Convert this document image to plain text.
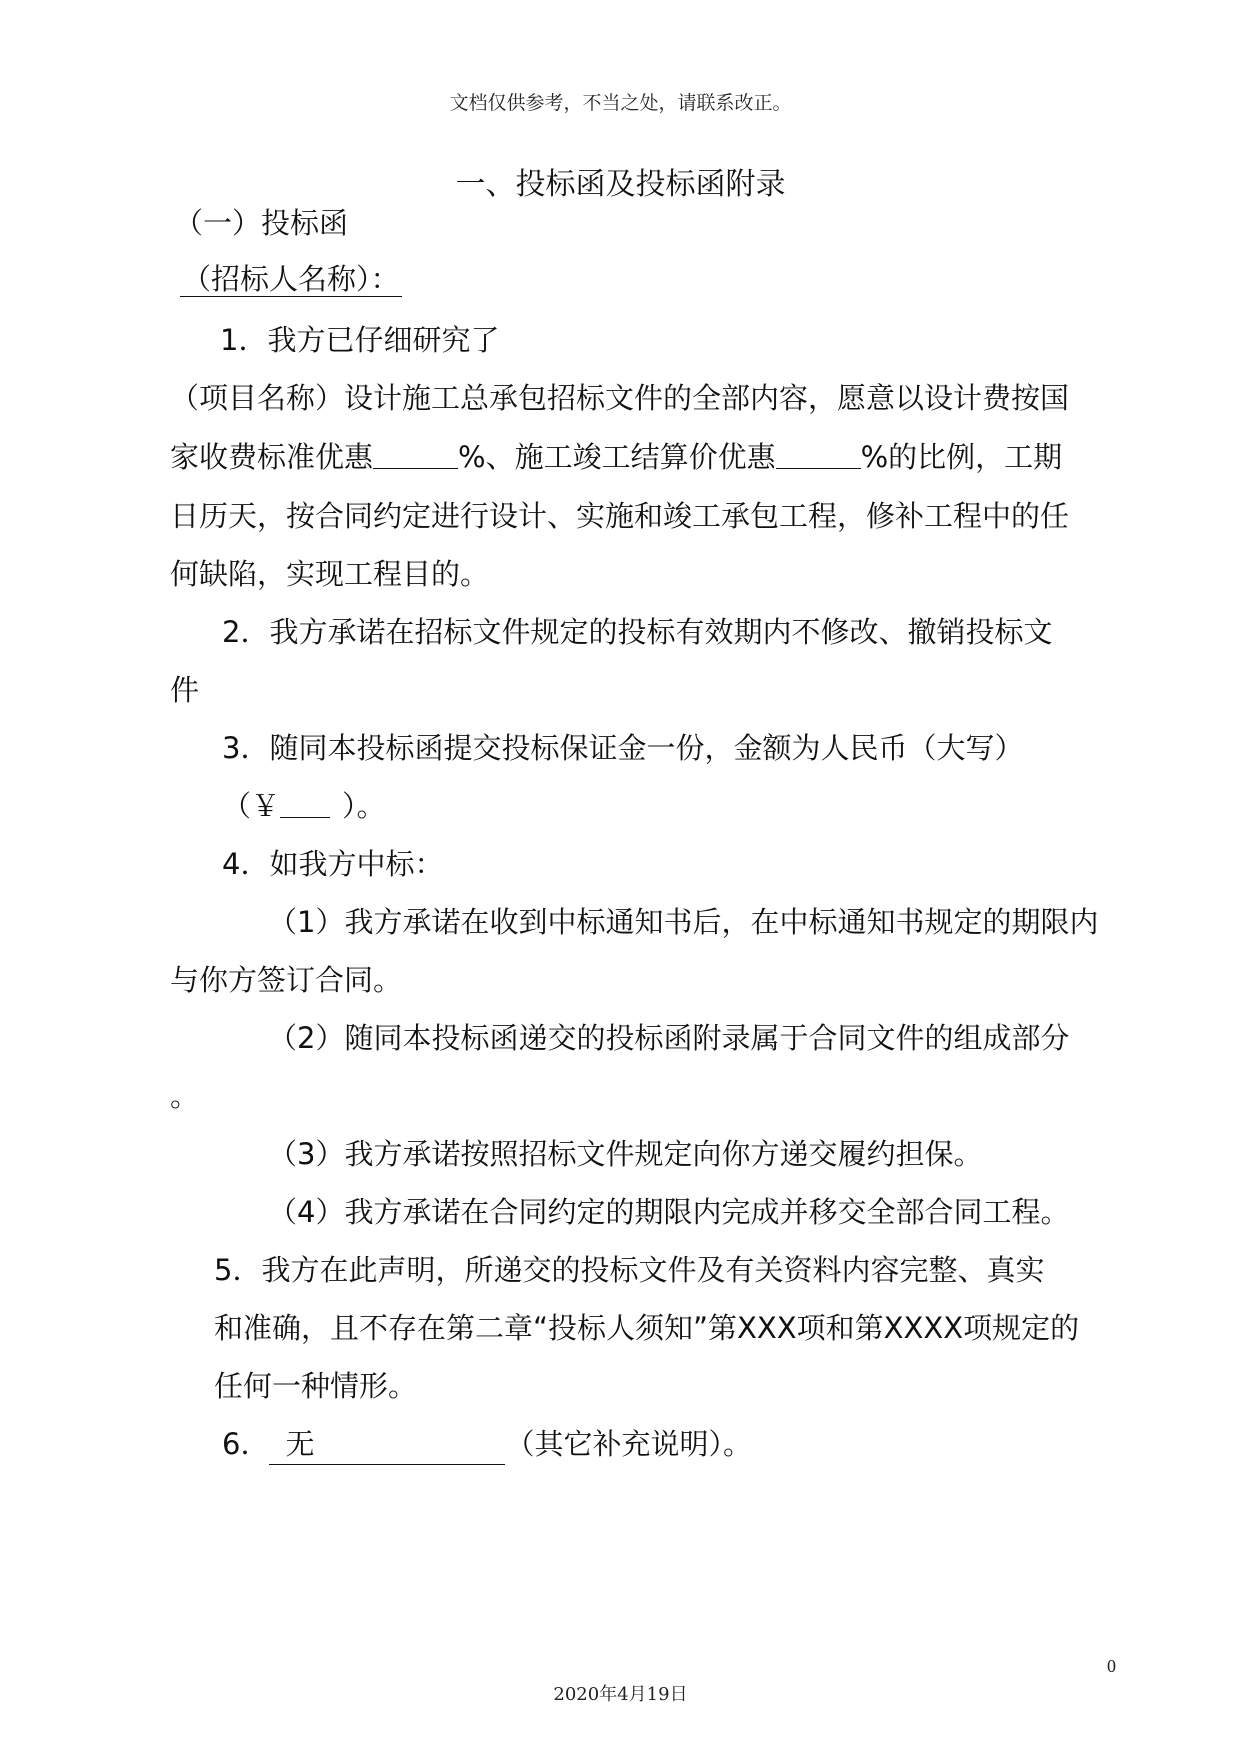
文档仅供参考，不当之处，请联系改正。
一、投标函及投标函附录
（一）投标函
（招标人名称）：
1．我方已仔细研究了
（项目名称）设计施工总承包招标文件的全部内容，愿意以设计费按国
家收费标准优惠	%、施工竣工结算价优惠	%的比例，工期
日历天，按合同约定进行设计、实施和竣工承包工程，修补工程中的任
何缺陷，实现工程目的。
2．我方承诺在招标文件规定的投标有效期内不修改、撤销投标文
件
3．随同本投标函提交投标保证金一份，金额为人民币（大写）
（￥ ）。
4．如我方中标：
（1）我方承诺在收到中标通知书后，在中标通知书规定的期限内
与你方签订合同。
（2）随同本投标函递交的投标函附录属于合同文件的组成部分
。
（3）我方承诺按照招标文件规定向你方递交履约担保。
（4）我方承诺在合同约定的期限内完成并移交全部合同工程。
5．我方在此声明，所递交的投标文件及有关资料内容完整、真实
和准确，且不存在第二章“投标人须知”第XXX项和第XXXX项规定的
任何一种情形。
6． 无	（其它补充说明）。
0
2020年4月19日
